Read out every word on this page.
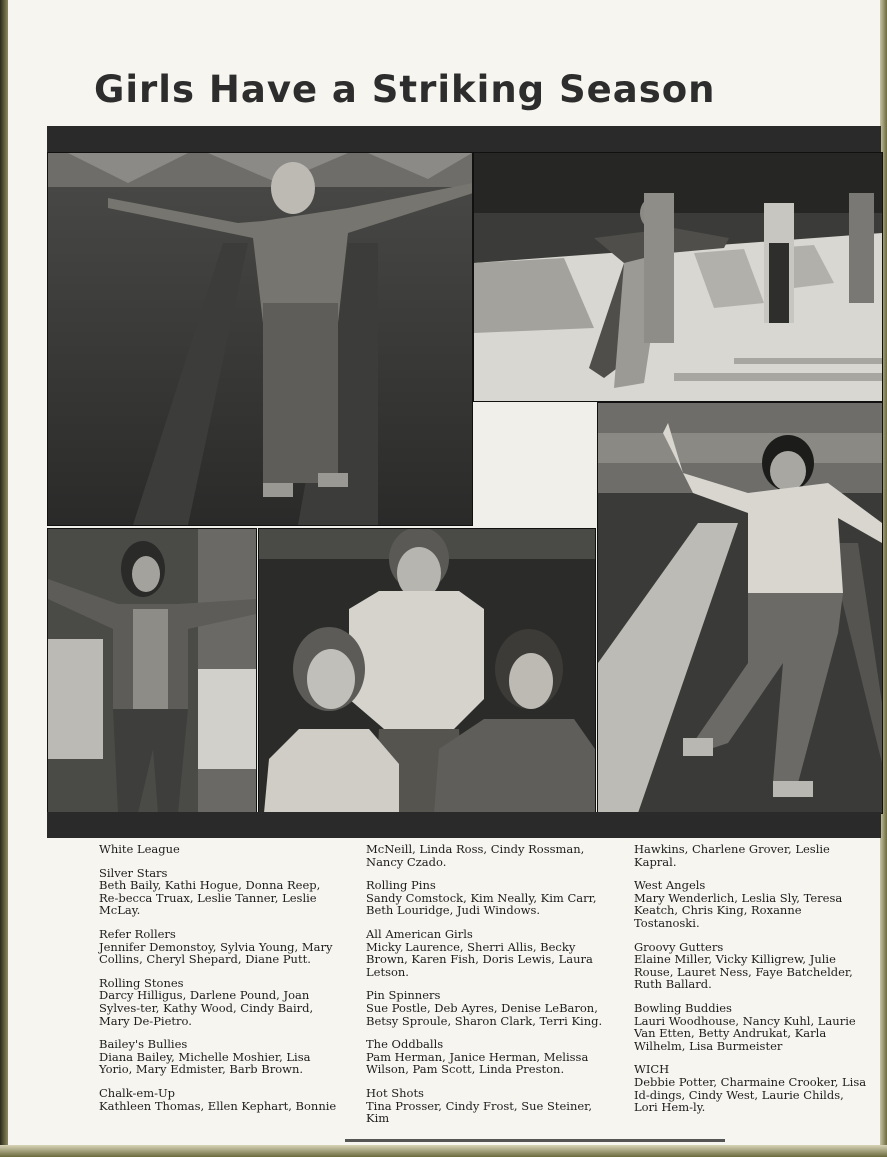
Girls Have a Striking Season
White League
Silver Stars
Beth Baily, Kathi Hogue, Donna Reep, Re-becca Truax, Leslie Tanner, Leslie McLay.
Refer Rollers
Jennifer Demonstoy, Sylvia Young, Mary Collins, Cheryl Shepard, Diane Putt.
Rolling Stones
Darcy Hilligus, Darlene Pound, Joan Sylves-ter, Kathy Wood, Cindy Baird, Mary De-Pietro.
Bailey's Bullies
Diana Bailey, Michelle Moshier, Lisa Yorio, Mary Edmister, Barb Brown.
Chalk-em-Up
Kathleen Thomas, Ellen Kephart, Bonnie
McNeill, Linda Ross, Cindy Rossman, Nancy Czado.
Rolling Pins
Sandy Comstock, Kim Neally, Kim Carr, Beth Louridge, Judi Windows.
All American Girls
Micky Laurence, Sherri Allis, Becky Brown, Karen Fish, Doris Lewis, Laura Letson.
Pin Spinners
Sue Postle, Deb Ayres, Denise LeBaron, Betsy Sproule, Sharon Clark, Terri King.
The Oddballs
Pam Herman, Janice Herman, Melissa Wilson, Pam Scott, Linda Preston.
Hot Shots
Tina Prosser, Cindy Frost, Sue Steiner, Kim
Hawkins, Charlene Grover, Leslie Kapral.
West Angels
Mary Wenderlich, Leslia Sly, Teresa Keatch, Chris King, Roxanne Tostanoski.
Groovy Gutters
Elaine Miller, Vicky Killigrew, Julie Rouse, Lauret Ness, Faye Batchelder, Ruth Ballard.
Bowling Buddies
Lauri Woodhouse, Nancy Kuhl, Laurie Van Etten, Betty Andrukat, Karla Wilhelm, Lisa Burmeister
WICH
Debbie Potter, Charmaine Crooker, Lisa Id-dings, Cindy West, Laurie Childs, Lori Hem-ly.
